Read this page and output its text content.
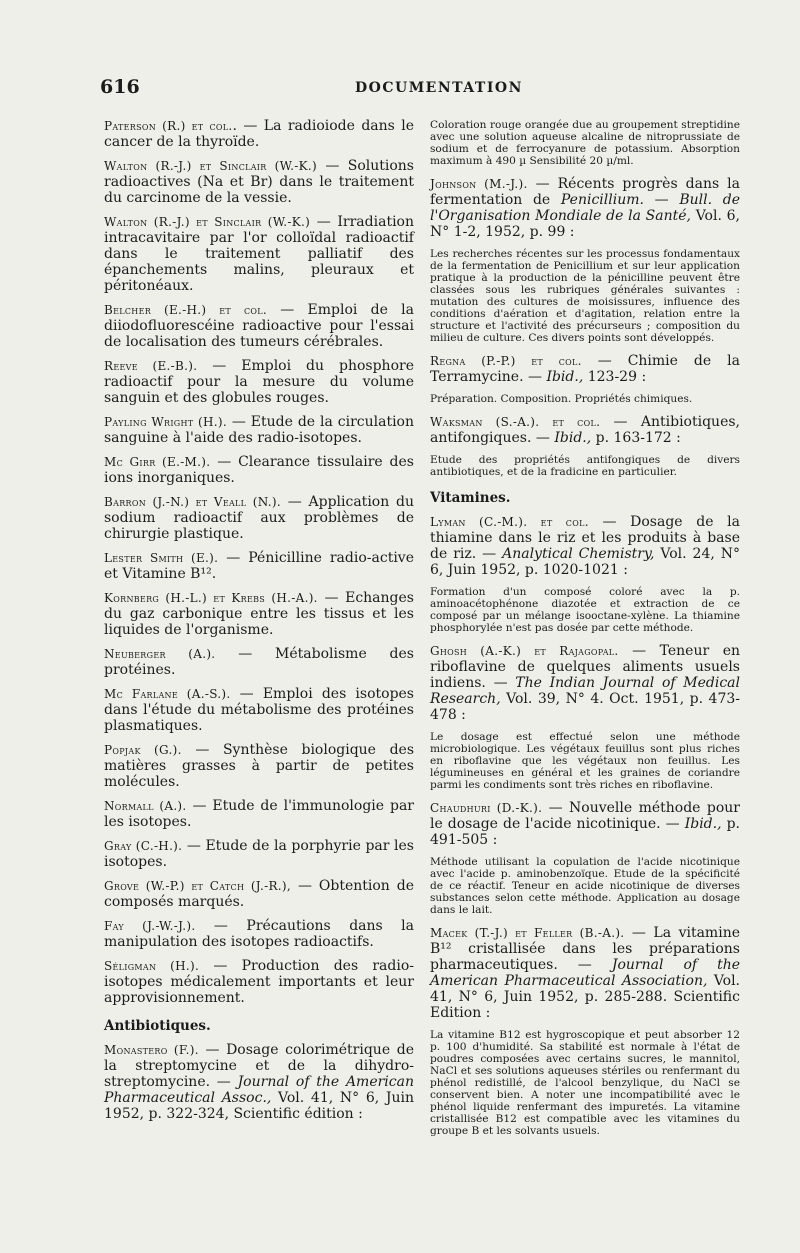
616	DOCUMENTATION
Paterson (R.) et col.. — La radioiode dans le cancer de la thyroïde.
Walton (R.-J.) et Sinclair (W.-K.) — Solutions radioactives (Na et Br) dans le traitement du carcinome de la vessie.
Walton (R.-J.) et Sinclair (W.-K.) — Irradiation intracavitaire par l'or colloïdal radioactif dans le traitement palliatif des épanchements malins, pleuraux et péritonéaux.
Belcher (E.-H.) et col. — Emploi de la diiodofluorescéine radioactive pour l'essai de localisation des tumeurs cérébrales.
Reeve (E.-B.). — Emploi du phosphore radioactif pour la mesure du volume sanguin et des globules rouges.
Payling Wright (H.). — Etude de la circulation sanguine à l'aide des radio-isotopes.
Mc Girr (E.-M.). — Clearance tissulaire des ions inorganiques.
Barron (J.-N.) et Veall (N.). — Application du sodium radioactif aux problèmes de chirurgie plastique.
Lester Smith (E.). — Pénicilline radio-active et Vitamine B¹².
Kornberg (H.-L.) et Krebs (H.-A.). — Echanges du gaz carbonique entre les tissus et les liquides de l'organisme.
Neuberger (A.). — Métabolisme des protéines.
Mc Farlane (A.-S.). — Emploi des isotopes dans l'étude du métabolisme des protéines plasmatiques.
Popjak (G.). — Synthèse biologique des matières grasses à partir de petites molécules.
Normall (A.). — Etude de l'immunologie par les isotopes.
Gray (C.-H.). — Etude de la porphyrie par les isotopes.
Grove (W.-P.) et Catch (J.-R.), — Obtention de composés marqués.
Fay (J.-W.-J.). — Précautions dans la manipulation des isotopes radioactifs.
Séligman (H.). — Production des radio-isotopes médicalement importants et leur approvisionnement.
Antibiotiques.
Monastero (F.). — Dosage colorimétrique de la streptomycine et de la dihydro-streptomycine. — Journal of the American Pharmaceutical Assoc., Vol. 41, N° 6, Juin 1952, p. 322-324, Scientific édition :
Coloration rouge orangée due au groupement streptidine avec une solution aqueuse alcaline de nitroprussiate de sodium et de ferrocyanure de potassium. Absorption maximum à 490 µ Sensibilité 20 µ/ml.
Johnson (M.-J.). — Récents progrès dans la fermentation de Penicillium. — Bull. de l'Organisation Mondiale de la Santé, Vol. 6, N° 1-2, 1952, p. 99 :
Les recherches récentes sur les processus fondamentaux de la fermentation de Penicillium et sur leur application pratique à la production de la pénicilline peuvent être classées sous les rubriques générales suivantes : mutation des cultures de moisissures, influence des conditions d'aération et d'agitation, relation entre la structure et l'activité des précurseurs ; composition du milieu de culture. Ces divers points sont développés.
Regna (P.-P.) et col. — Chimie de la Terramycine. — Ibid., 123-29 :
Préparation. Composition. Propriétés chimiques.
Waksman (S.-A.). et col. — Antibiotiques, antifongiques. — Ibid., p. 163-172 :
Etude des propriétés antifongiques de divers antibiotiques, et de la fradicine en particulier.
Vitamines.
Lyman (C.-M.). et col. — Dosage de la thiamine dans le riz et les produits à base de riz. — Analytical Chemistry, Vol. 24, N° 6, Juin 1952, p. 1020-1021 :
Formation d'un composé coloré avec la p. aminoacétophénone diazotée et extraction de ce composé par un mélange isooctane-xylène. La thiamine phosphorylée n'est pas dosée par cette méthode.
Ghosh (A.-K.) et Rajagopal. — Teneur en riboflavine de quelques aliments usuels indiens. — The Indian Journal of Medical Research, Vol. 39, N° 4. Oct. 1951, p. 473-478 :
Le dosage est effectué selon une méthode microbiologique. Les végétaux feuillus sont plus riches en riboflavine que les végétaux non feuillus. Les légumineuses en général et les graines de coriandre parmi les condiments sont très riches en riboflavine.
Chaudhuri (D.-K.). — Nouvelle méthode pour le dosage de l'acide nicotinique. — Ibid., p. 491-505 :
Méthode utilisant la copulation de l'acide nicotinique avec l'acide p. aminobenzoïque. Etude de la spécificité de ce réactif. Teneur en acide nicotinique de diverses substances selon cette méthode. Application au dosage dans le lait.
Macek (T.-J.) et Feller (B.-A.). — La vitamine B¹² cristallisée dans les préparations pharmaceutiques. — Journal of the American Pharmaceutical Association, Vol. 41, N° 6, Juin 1952, p. 285-288. Scientific Edition :
La vitamine B12 est hygroscopique et peut absorber 12 p. 100 d'humidité. Sa stabilité est normale à l'état de poudres composées avec certains sucres, le mannitol, NaCl et ses solutions aqueuses stériles ou renfermant du phénol redistillé, de l'alcool benzylique, du NaCl se conservent bien. A noter une incompatibilité avec le phénol liquide renfermant des impuretés. La vitamine cristallisée B12 est compatible avec les vitamines du groupe B et les solvants usuels.
